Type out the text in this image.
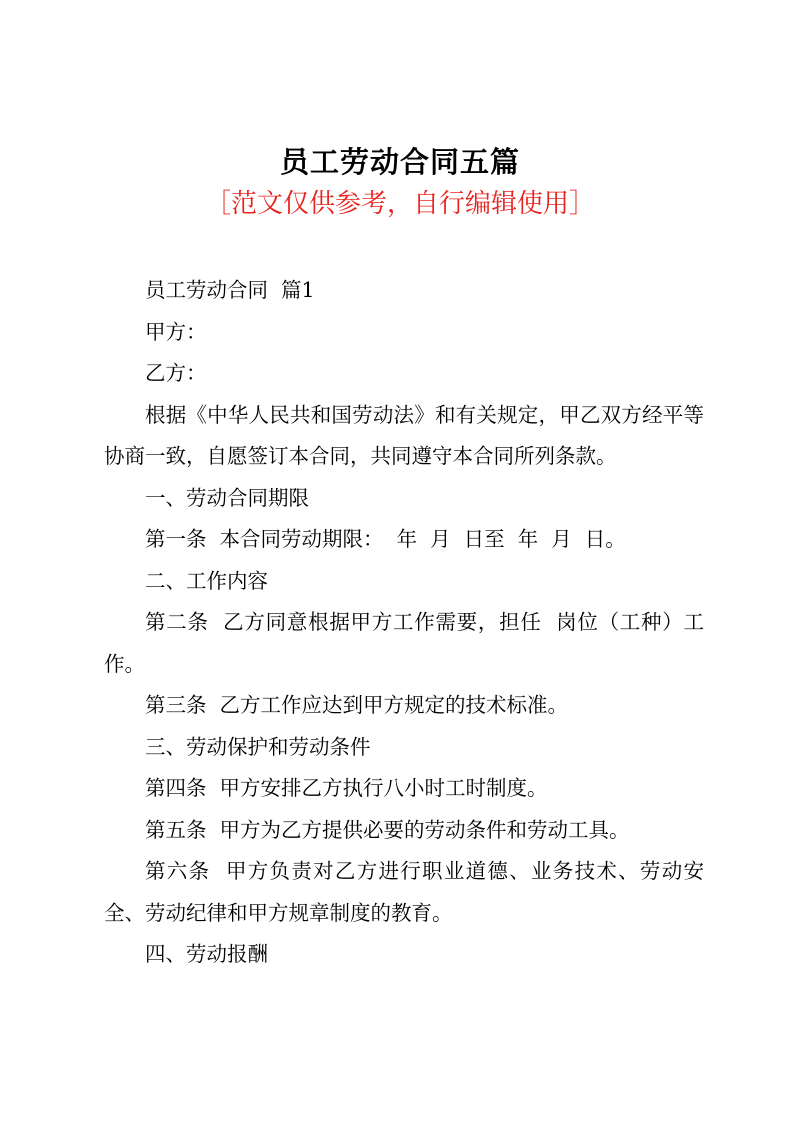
员工劳动合同五篇
［范文仅供参考，自行编辑使用］

员工劳动合同  篇1

甲方：

乙方：

根据《中华人民共和国劳动法》和有关规定，甲乙双方经平等协商一致，自愿签订本合同，共同遵守本合同所列条款。

一、劳动合同期限

第一条  本合同劳动期限：  年  月  日至  年  月  日。

二、工作内容

第二条  乙方同意根据甲方工作需要，担任  岗位（工种）工作。

第三条  乙方工作应达到甲方规定的技术标准。

三、劳动保护和劳动条件

第四条  甲方安排乙方执行八小时工时制度。

第五条  甲方为乙方提供必要的劳动条件和劳动工具。

第六条  甲方负责对乙方进行职业道德、业务技术、劳动安全、劳动纪律和甲方规章制度的教育。

四、劳动报酬
